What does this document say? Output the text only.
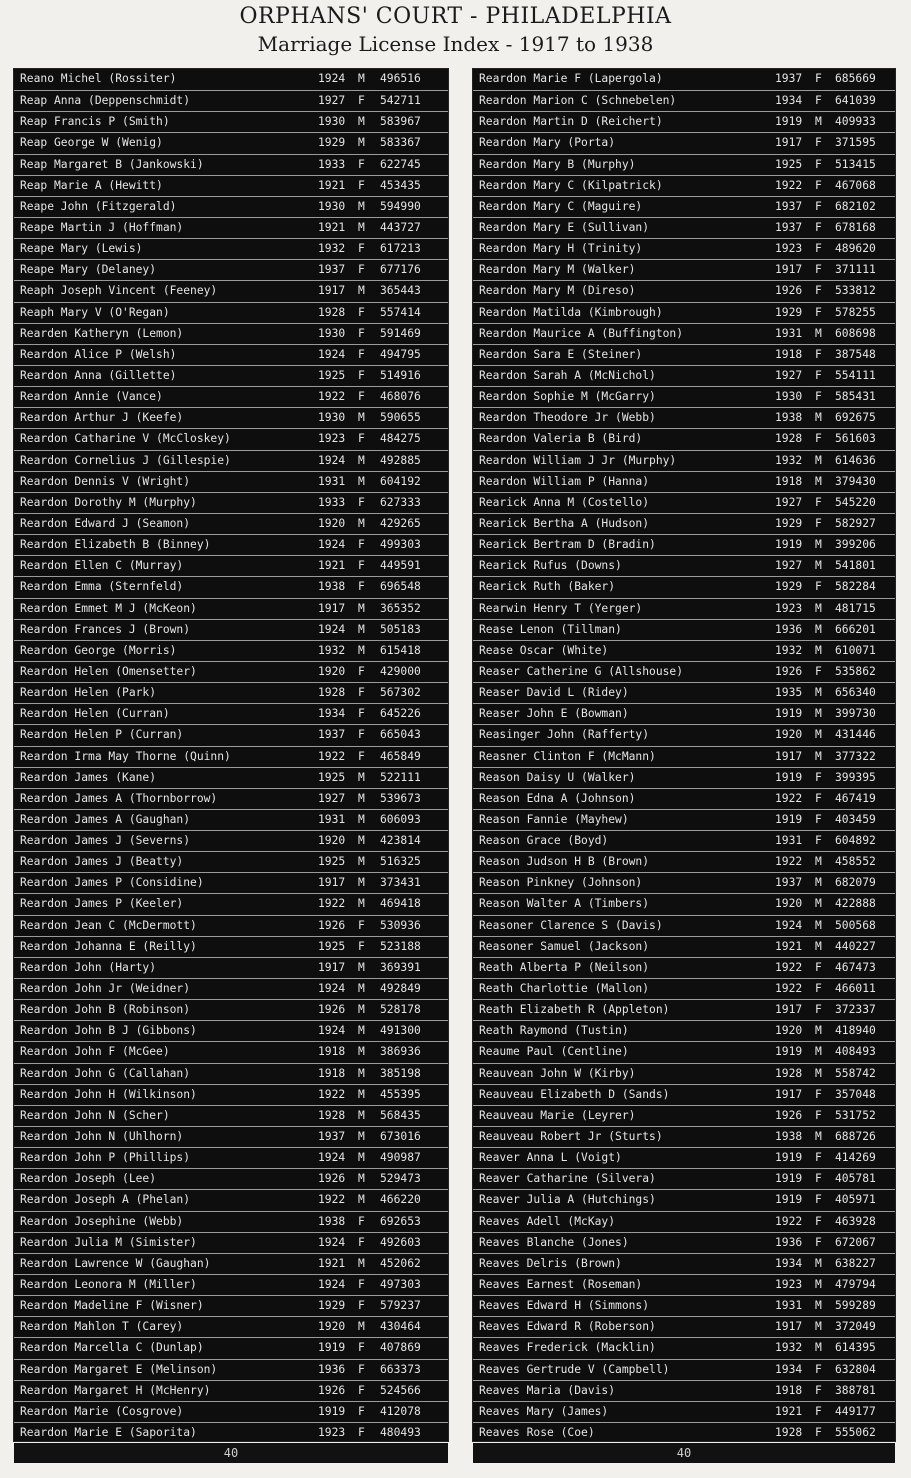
ORPHANS' COURT - PHILADELPHIA
Marriage License Index - 1917 to 1938
Reano Michel (Rossiter)	1924 M 496516
Reap Anna (Deppenschmidt)	1927 F 542711
Reap Francis P (Smith)	1930 M 583967
Reap George W (Wenig)	1929 M 583367
Reap Margaret B (Jankowski)	1933 F 622745
Reap Marie A (Hewitt)	1921 F 453435
Reape John (Fitzgerald)	1930 M 594990
Reape Martin J (Hoffman)	1921 M 443727
Reape Mary (Lewis)	1932 F 617213
Reape Mary (Delaney)	1937 F 677176
Reaph Joseph Vincent (Feeney)	1917 M 365443
Reaph Mary V (O'Regan)	1928 F 557414
Rearden Katheryn (Lemon)	1930 F 591469
Reardon Alice P (Welsh)	1924 F 494795
Reardon Anna (Gillette)	1925 F 514916
Reardon Annie (Vance)	1922 F 468076
Reardon Arthur J (Keefe)	1930 M 590655
Reardon Catharine V (McCloskey)	1923 F 484275
Reardon Cornelius J (Gillespie)	1924 M 492885
Reardon Dennis V (Wright)	1931 M 604192
Reardon Dorothy M (Murphy)	1933 F 627333
Reardon Edward J (Seamon)	1920 M 429265
Reardon Elizabeth B (Binney)	1924 F 499303
Reardon Ellen C (Murray)	1921 F 449591
Reardon Emma (Sternfeld)	1938 F 696548
Reardon Emmet M J (McKeon)	1917 M 365352
Reardon Frances J (Brown)	1924 M 505183
Reardon George (Morris)	1932 M 615418
Reardon Helen (Omensetter)	1920 F 429000
Reardon Helen (Park)	1928 F 567302
Reardon Helen (Curran)	1934 F 645226
Reardon Helen P (Curran)	1937 F 665043
Reardon Irma May Thorne (Quinn)	1922 F 465849
Reardon James (Kane)	1925 M 522111
Reardon James A (Thornborrow)	1927 M 539673
Reardon James A (Gaughan)	1931 M 606093
Reardon James J (Severns)	1920 M 423814
Reardon James J (Beatty)	1925 M 516325
Reardon James P (Considine)	1917 M 373431
Reardon James P (Keeler)	1922 M 469418
Reardon Jean C (McDermott)	1926 F 530936
Reardon Johanna E (Reilly)	1925 F 523188
Reardon John (Harty)	1917 M 369391
Reardon John Jr (Weidner)	1924 M 492849
Reardon John B (Robinson)	1926 M 528178
Reardon John B J (Gibbons)	1924 M 491300
Reardon John F (McGee)	1918 M 386936
Reardon John G (Callahan)	1918 M 385198
Reardon John H (Wilkinson)	1922 M 455395
Reardon John N (Scher)	1928 M 568435
Reardon John N (Uhlhorn)	1937 M 673016
Reardon John P (Phillips)	1924 M 490987
Reardon Joseph (Lee)	1926 M 529473
Reardon Joseph A (Phelan)	1922 M 466220
Reardon Josephine (Webb)	1938 F 692653
Reardon Julia M (Simister)	1924 F 492603
Reardon Lawrence W (Gaughan)	1921 M 452062
Reardon Leonora M (Miller)	1924 F 497303
Reardon Madeline F (Wisner)	1929 F 579237
Reardon Mahlon T (Carey)	1920 M 430464
Reardon Marcella C (Dunlap)	1919 F 407869
Reardon Margaret E (Melinson)	1936 F 663373
Reardon Margaret H (McHenry)	1926 F 524566
Reardon Marie (Cosgrove)	1919 F 412078
Reardon Marie E (Saporita)	1923 F 480493
Reardon Marie F (Lapergola)	1937 F 685669
Reardon Marion C (Schnebelen)	1934 F 641039
Reardon Martin D (Reichert)	1919 M 409933
Reardon Mary (Porta)	1917 F 371595
Reardon Mary B (Murphy)	1925 F 513415
Reardon Mary C (Kilpatrick)	1922 F 467068
Reardon Mary C (Maguire)	1937 F 682102
Reardon Mary E (Sullivan)	1937 F 678168
Reardon Mary H (Trinity)	1923 F 489620
Reardon Mary M (Walker)	1917 F 371111
Reardon Mary M (Direso)	1926 F 533812
Reardon Matilda (Kimbrough)	1929 F 578255
Reardon Maurice A (Buffington)	1931 M 608698
Reardon Sara E (Steiner)	1918 F 387548
Reardon Sarah A (McNichol)	1927 F 554111
Reardon Sophie M (McGarry)	1930 F 585431
Reardon Theodore Jr (Webb)	1938 M 692675
Reardon Valeria B (Bird)	1928 F 561603
Reardon William J Jr (Murphy)	1932 M 614636
Reardon William P (Hanna)	1918 M 379430
Rearick Anna M (Costello)	1927 F 545220
Rearick Bertha A (Hudson)	1929 F 582927
Rearick Bertram D (Bradin)	1919 M 399206
Rearick Rufus (Downs)	1927 M 541801
Rearick Ruth (Baker)	1929 F 582284
Rearwin Henry T (Yerger)	1923 M 481715
Rease Lenon (Tillman)	1936 M 666201
Rease Oscar (White)	1932 M 610071
Reaser Catherine G (Allshouse)	1926 F 535862
Reaser David L (Ridey)	1935 M 656340
Reaser John E (Bowman)	1919 M 399730
Reasinger John (Rafferty)	1920 M 431446
Reasner Clinton F (McMann)	1917 M 377322
Reason Daisy U (Walker)	1919 F 399395
Reason Edna A (Johnson)	1922 F 467419
Reason Fannie (Mayhew)	1919 F 403459
Reason Grace (Boyd)	1931 F 604892
Reason Judson H B (Brown)	1922 M 458552
Reason Pinkney (Johnson)	1937 M 682079
Reason Walter A (Timbers)	1920 M 422888
Reasoner Clarence S (Davis)	1924 M 500568
Reasoner Samuel (Jackson)	1921 M 440227
Reath Alberta P (Neilson)	1922 F 467473
Reath Charlottie (Mallon)	1922 F 466011
Reath Elizabeth R (Appleton)	1917 F 372337
Reath Raymond (Tustin)	1920 M 418940
Reaume Paul (Centline)	1919 M 408493
Reauvean John W (Kirby)	1928 M 558742
Reauveau Elizabeth D (Sands)	1917 F 357048
Reauveau Marie (Leyrer)	1926 F 531752
Reauveau Robert Jr (Sturts)	1938 M 688726
Reaver Anna L (Voigt)	1919 F 414269
Reaver Catharine (Silvera)	1919 F 405781
Reaver Julia A (Hutchings)	1919 F 405971
Reaves Adell (McKay)	1922 F 463928
Reaves Blanche (Jones)	1936 F 672067
Reaves Delris (Brown)	1934 M 638227
Reaves Earnest (Roseman)	1923 M 479794
Reaves Edward H (Simmons)	1931 M 599289
Reaves Edward R (Roberson)	1917 M 372049
Reaves Frederick (Macklin)	1932 M 614395
Reaves Gertrude V (Campbell)	1934 F 632804
Reaves Maria (Davis)	1918 F 388781
Reaves Mary (James)	1921 F 449177
Reaves Rose (Coe)	1928 F 555062
40	40
